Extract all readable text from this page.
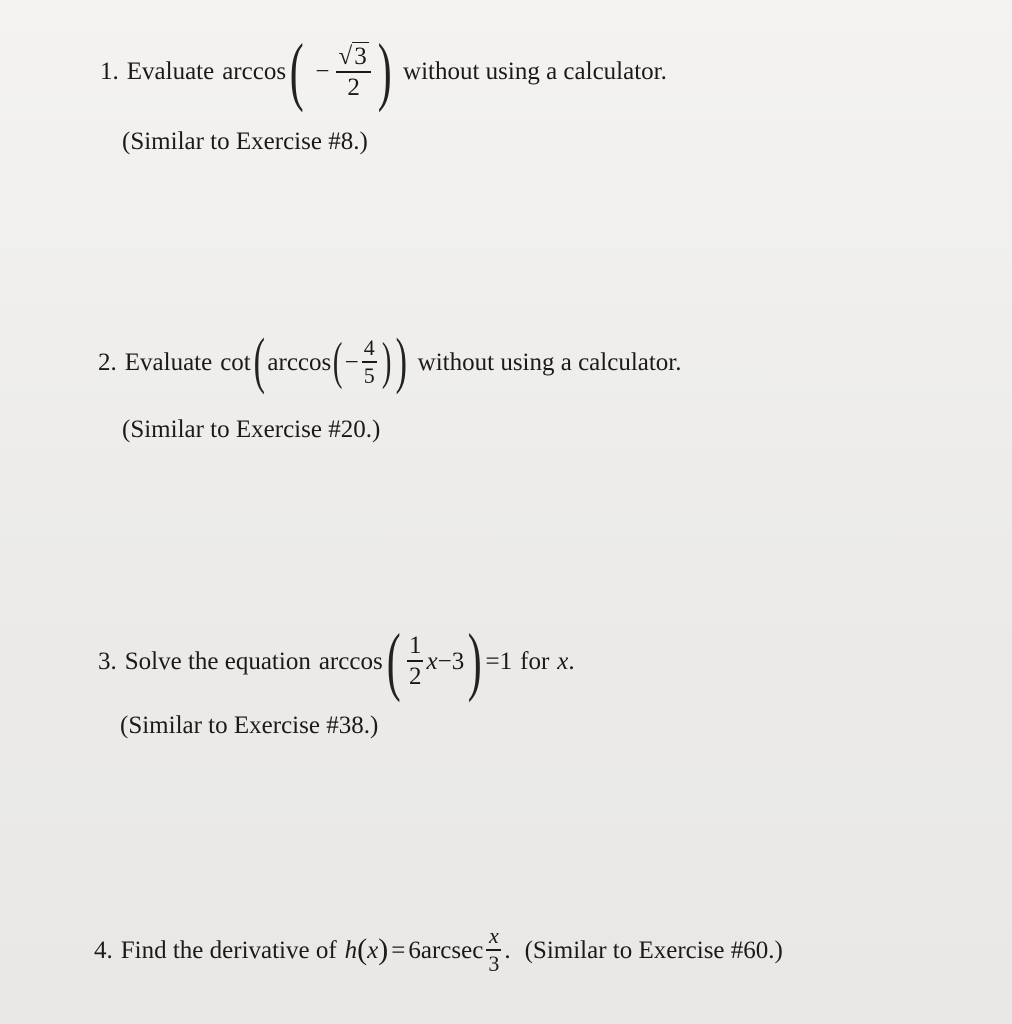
1. Evaluate arccos ( − $\frac{√ 3}{2}$ ) without using a calculator.
(Similar to Exercise #8.)
2. Evaluate cot ( arccos ( − $\frac{4}{5}$ ) ) without using a calculator.
(Similar to Exercise #20.)
3. Solve the equation arccos ( $\frac{1}{2}$ x −3 ) =1 for x .
(Similar to Exercise #38.)
4. Find the derivative of h ( x ) = $6arcsec \frac{x}{3}$ . (Similar to Exercise #60.)
